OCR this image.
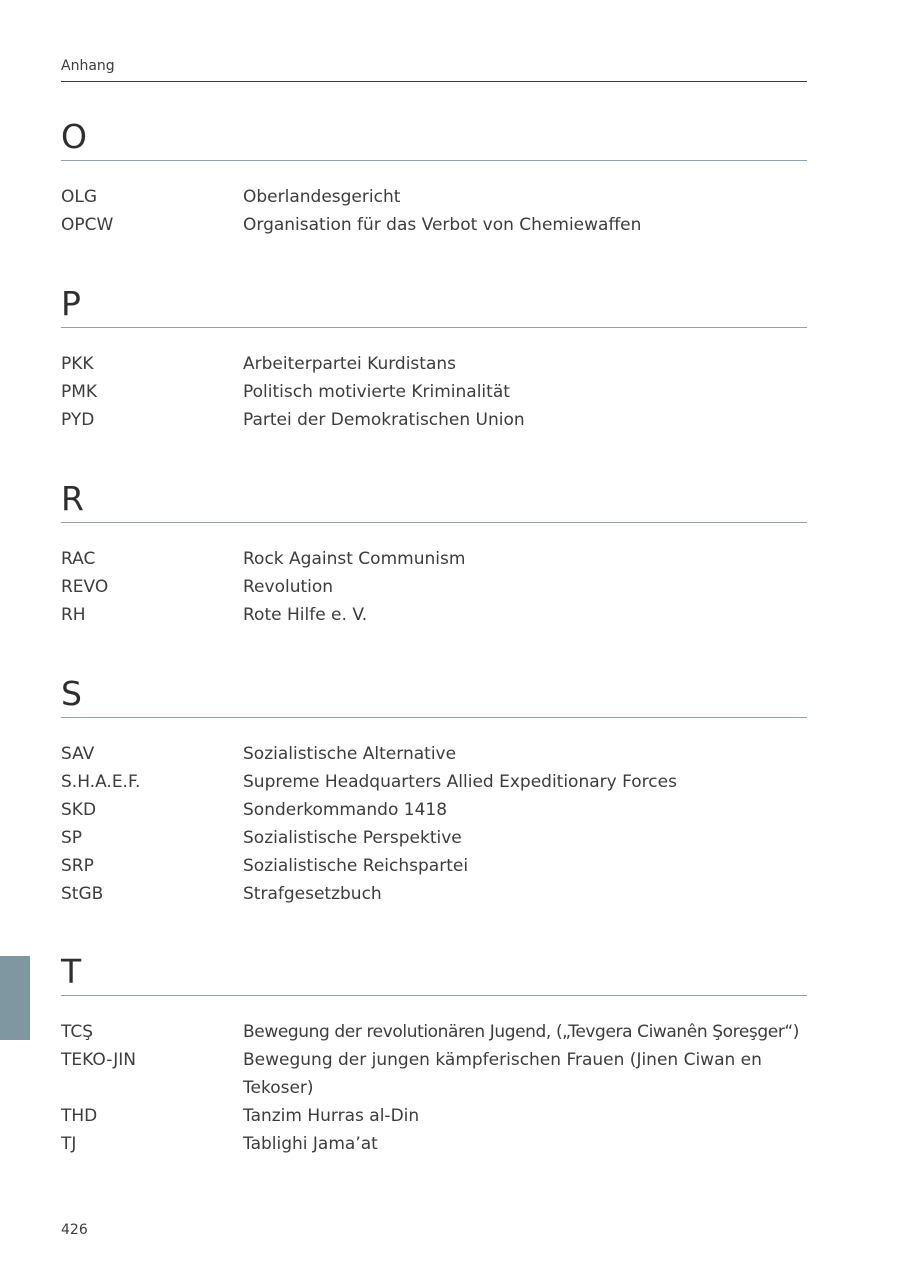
Anhang
O
OLG	Oberlandesgericht
OPCW	Organisation für das Verbot von Chemiewaffen
P
PKK	Arbeiterpartei Kurdistans
PMK	Politisch motivierte Kriminalität
PYD	Partei der Demokratischen Union
R
RAC	Rock Against Communism
REVO	Revolution
RH	Rote Hilfe e. V.
S
SAV	Sozialistische Alternative
S.H.A.E.F.	Supreme Headquarters Allied Expeditionary Forces
SKD	Sonderkommando 1418
SP	Sozialistische Perspektive
SRP	Sozialistische Reichspartei
StGB	Strafgesetzbuch
T
TCŞ	Bewegung der revolutionären Jugend, („Tevgera Ciwanên Şoreşger“)
TEKO-JIN	Bewegung der jungen kämpferischen Frauen (Jinen Ciwan en Tekoser)
THD	Tanzim Hurras al-Din
TJ	Tablighi Jama’at
426
